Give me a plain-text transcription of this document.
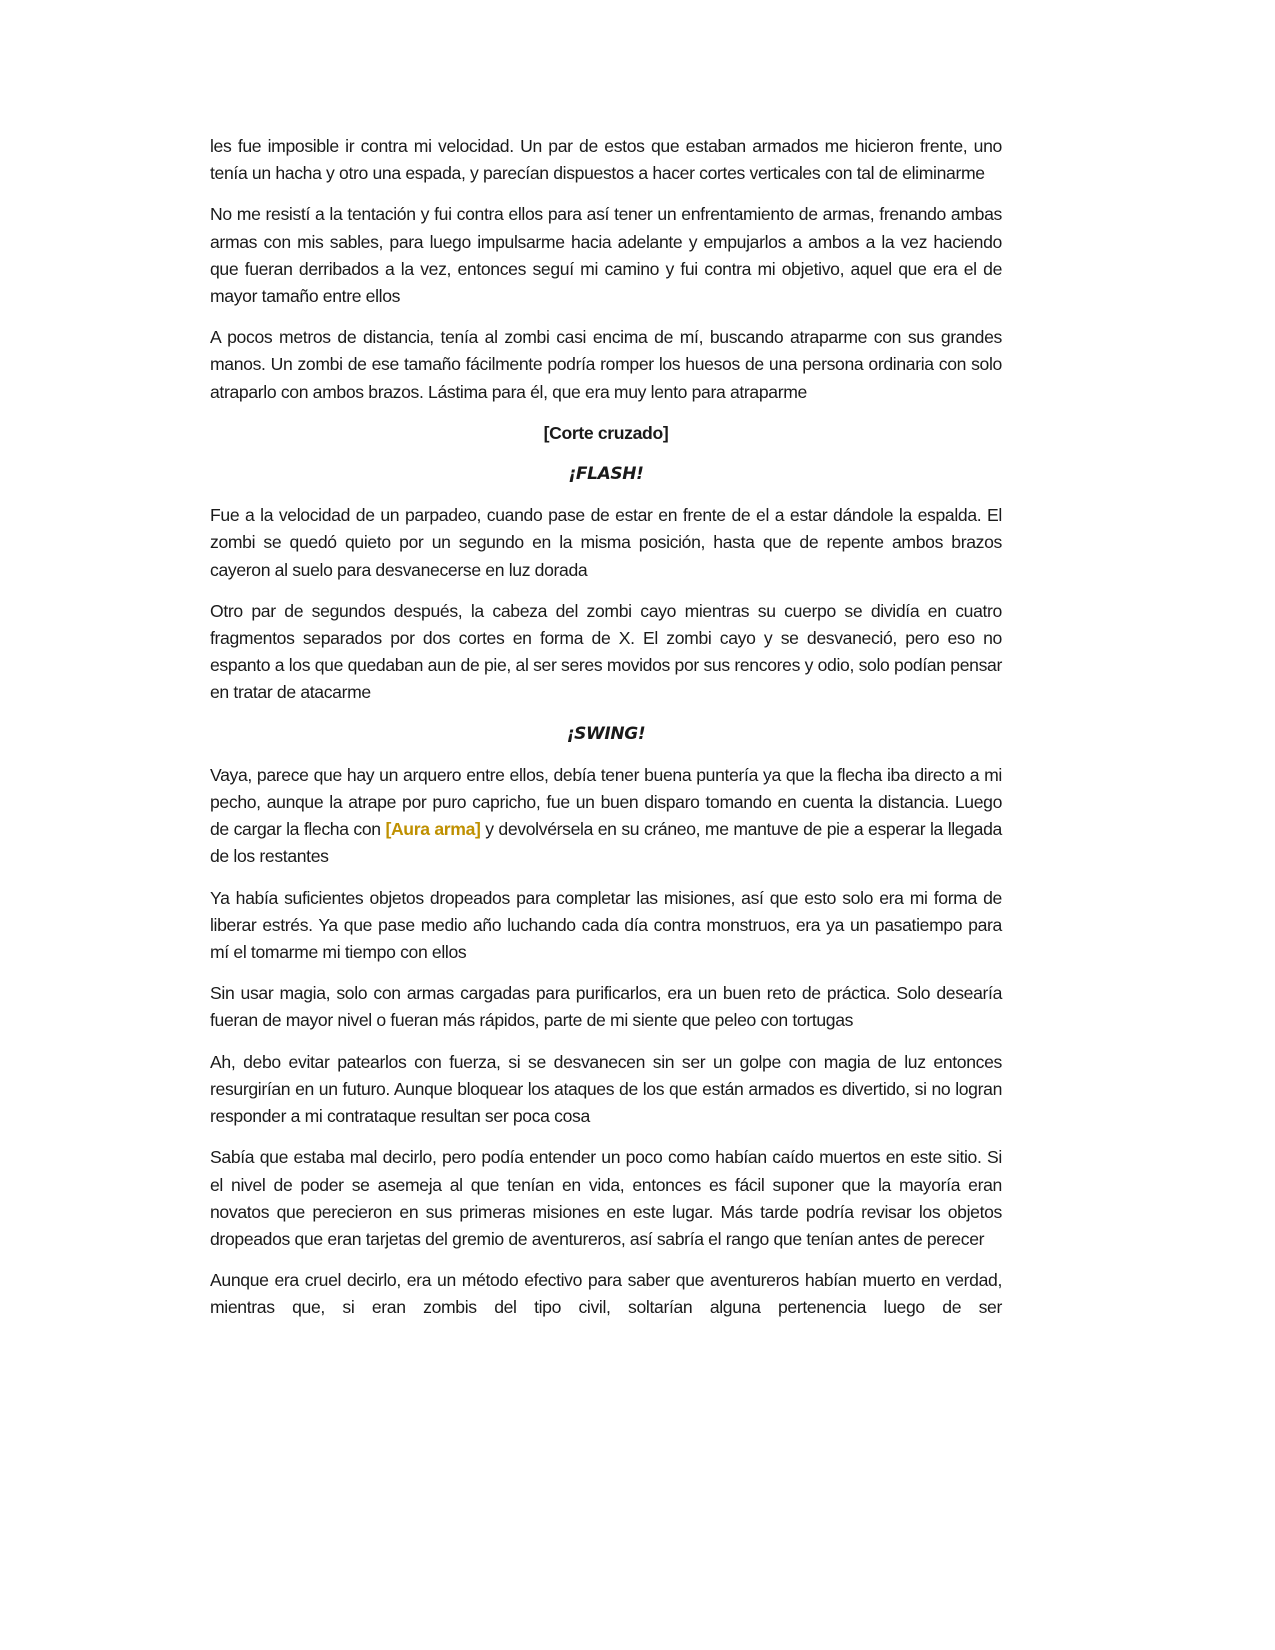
les fue imposible ir contra mi velocidad. Un par de estos que estaban armados me hicieron frente, uno tenía un hacha y otro una espada, y parecían dispuestos a hacer cortes verticales con tal de eliminarme

No me resistí a la tentación y fui contra ellos para así tener un enfrentamiento de armas, frenando ambas armas con mis sables, para luego impulsarme hacia adelante y empujarlos a ambos a la vez haciendo que fueran derribados a la vez, entonces seguí mi camino y fui contra mi objetivo, aquel que era el de mayor tamaño entre ellos

A pocos metros de distancia, tenía al zombi casi encima de mí, buscando atraparme con sus grandes manos. Un zombi de ese tamaño fácilmente podría romper los huesos de una persona ordinaria con solo atraparlo con ambos brazos. Lástima para él, que era muy lento para atraparme

[Corte cruzado]

¡FLASH!

Fue a la velocidad de un parpadeo, cuando pase de estar en frente de el a estar dándole la espalda. El zombi se quedó quieto por un segundo en la misma posición, hasta que de repente ambos brazos cayeron al suelo para desvanecerse en luz dorada

Otro par de segundos después, la cabeza del zombi cayo mientras su cuerpo se dividía en cuatro fragmentos separados por dos cortes en forma de X. El zombi cayo y se desvaneció, pero eso no espanto a los que quedaban aun de pie, al ser seres movidos por sus rencores y odio, solo podían pensar en tratar de atacarme

¡SWING!

Vaya, parece que hay un arquero entre ellos, debía tener buena puntería ya que la flecha iba directo a mi pecho, aunque la atrape por puro capricho, fue un buen disparo tomando en cuenta la distancia. Luego de cargar la flecha con [Aura arma] y devolvérsela en su cráneo, me mantuve de pie a esperar la llegada de los restantes

Ya había suficientes objetos dropeados para completar las misiones, así que esto solo era mi forma de liberar estrés. Ya que pase medio año luchando cada día contra monstruos, era ya un pasatiempo para mí el tomarme mi tiempo con ellos

Sin usar magia, solo con armas cargadas para purificarlos, era un buen reto de práctica. Solo desearía fueran de mayor nivel o fueran más rápidos, parte de mi siente que peleo con tortugas

Ah, debo evitar patearlos con fuerza, si se desvanecen sin ser un golpe con magia de luz entonces resurgirían en un futuro. Aunque bloquear los ataques de los que están armados es divertido, si no logran responder a mi contrataque resultan ser poca cosa

Sabía que estaba mal decirlo, pero podía entender un poco como habían caído muertos en este sitio. Si el nivel de poder se asemeja al que tenían en vida, entonces es fácil suponer que la mayoría eran novatos que perecieron en sus primeras misiones en este lugar. Más tarde podría revisar los objetos dropeados que eran tarjetas del gremio de aventureros, así sabría el rango que tenían antes de perecer

Aunque era cruel decirlo, era un método efectivo para saber que aventureros habían muerto en verdad, mientras que, si eran zombis del tipo civil, soltarían alguna pertenencia luego de ser
